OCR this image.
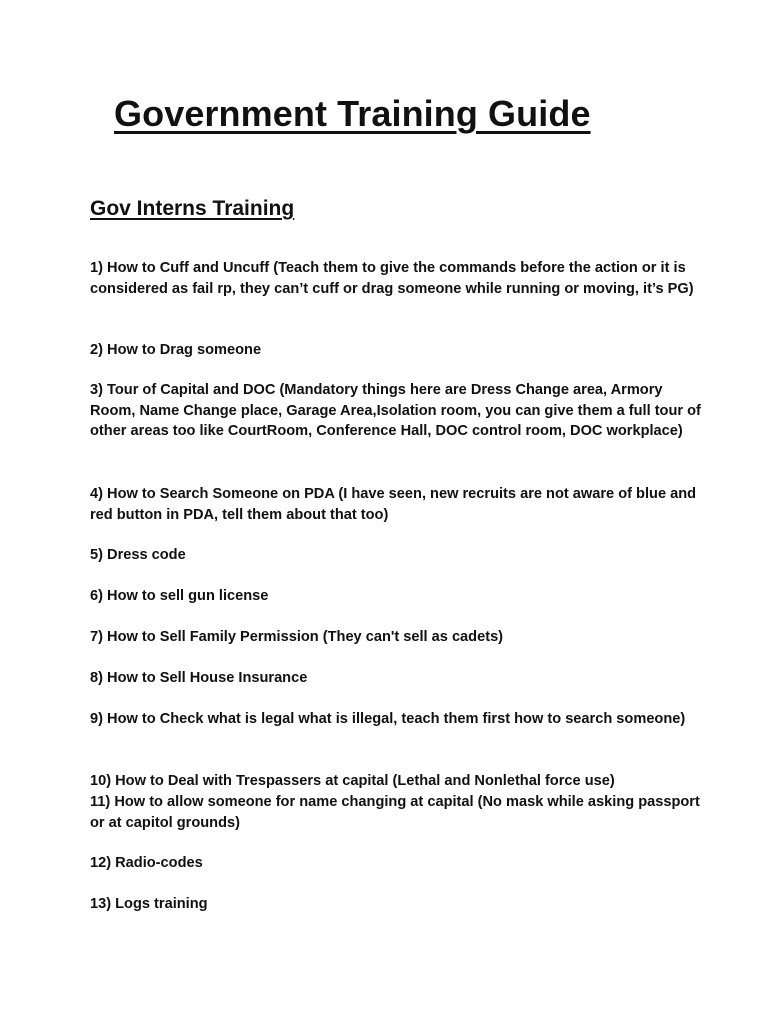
Government Training Guide
Gov Interns Training

1) How to Cuff and Uncuff (Teach them to give the commands before the action or it is considered as fail rp, they can’t cuff or drag someone while running or moving, it’s PG)

2) How to Drag someone

3) Tour of Capital and DOC (Mandatory things here are Dress Change area, Armory Room, Name Change place, Garage Area,Isolation room, you can give them a full tour of other areas too like CourtRoom, Conference Hall, DOC control room, DOC workplace)

4) How to Search Someone on PDA (I have seen, new recruits are not aware of blue and red button in PDA, tell them about that too)

5) Dress code

6) How to sell gun license

7) How to Sell Family Permission (They can't sell as cadets)

8) How to Sell House Insurance

9) How to Check what is legal what is illegal, teach them first how to search someone)

10) How to Deal with Trespassers at capital (Lethal and Nonlethal force use)

11) How to allow someone for name changing at capital (No mask while asking passport or at capitol grounds)

12) Radio-codes

13) Logs training
